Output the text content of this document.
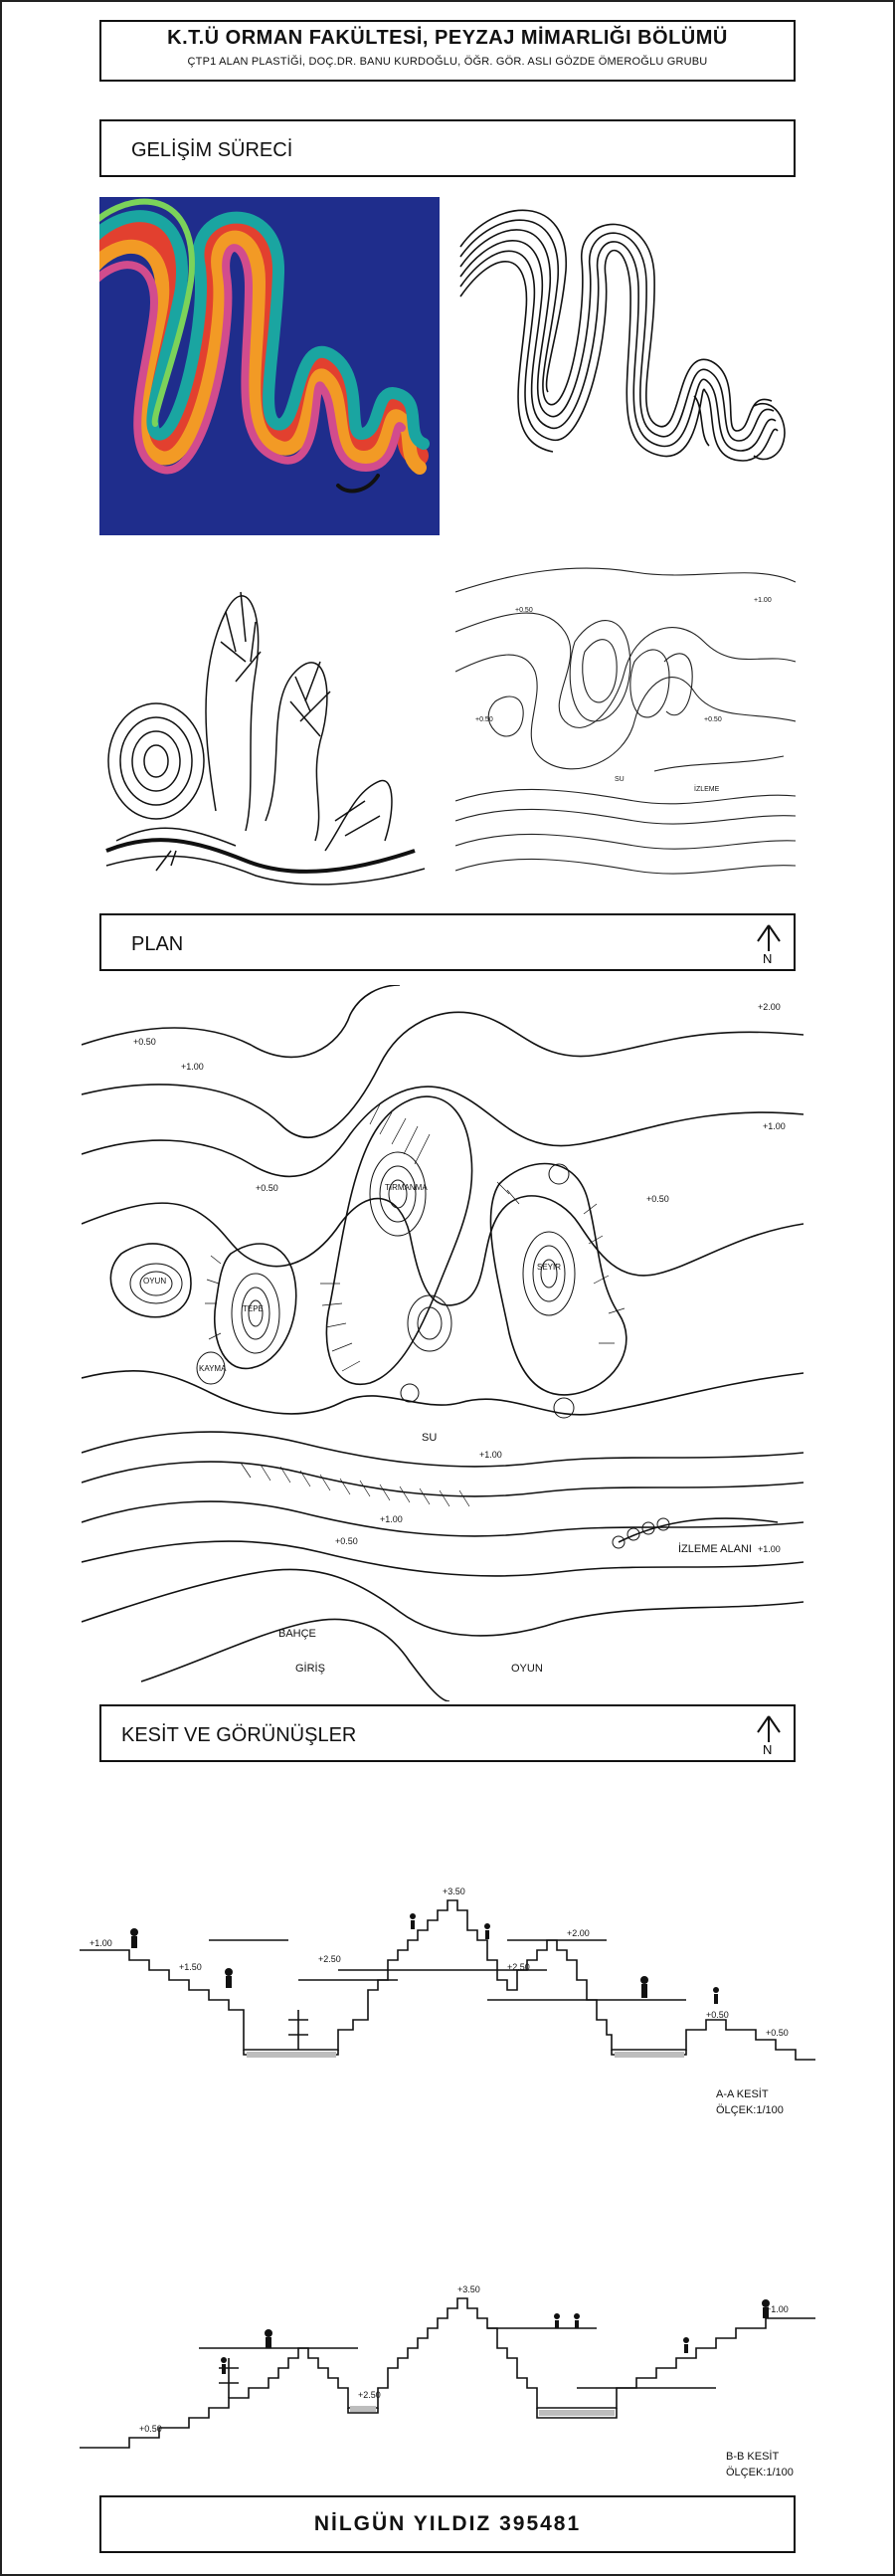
K.T.Ü ORMAN FAKÜLTESİ, PEYZAJ MİMARLIĞI BÖLÜMÜ
ÇTP1 ALAN PLASTİĞİ, DOÇ.DR. BANU KURDOĞLU, ÖĞR. GÖR. ASLI GÖZDE ÖMEROĞLU GRUBU
GELİŞİM SÜRECİ
+0.50
+1.00
+0.50	+0.50
SU
İZLEME
PLAN
N
+0.50
+1.00
+2.00
+1.00
+0.50
+0.50
+1.00
+1.00
+0.50
+1.00
TIRMANMA
SEYİR
TEPE
OYUN
KAYMA
SU
İZLEME ALANI
BAHÇE
GİRİŞ	OYUN
KESİT VE GÖRÜNÜŞLER
N
+1.00
+1.50
+2.50
+3.50
+2.50
+2.00
+0.50
+0.50
A-A KESİT
ÖLÇEK:1/100
+0.50
+3.50
+2.50
+1.00
B-B KESİT
ÖLÇEK:1/100
NİLGÜN YILDIZ 395481
